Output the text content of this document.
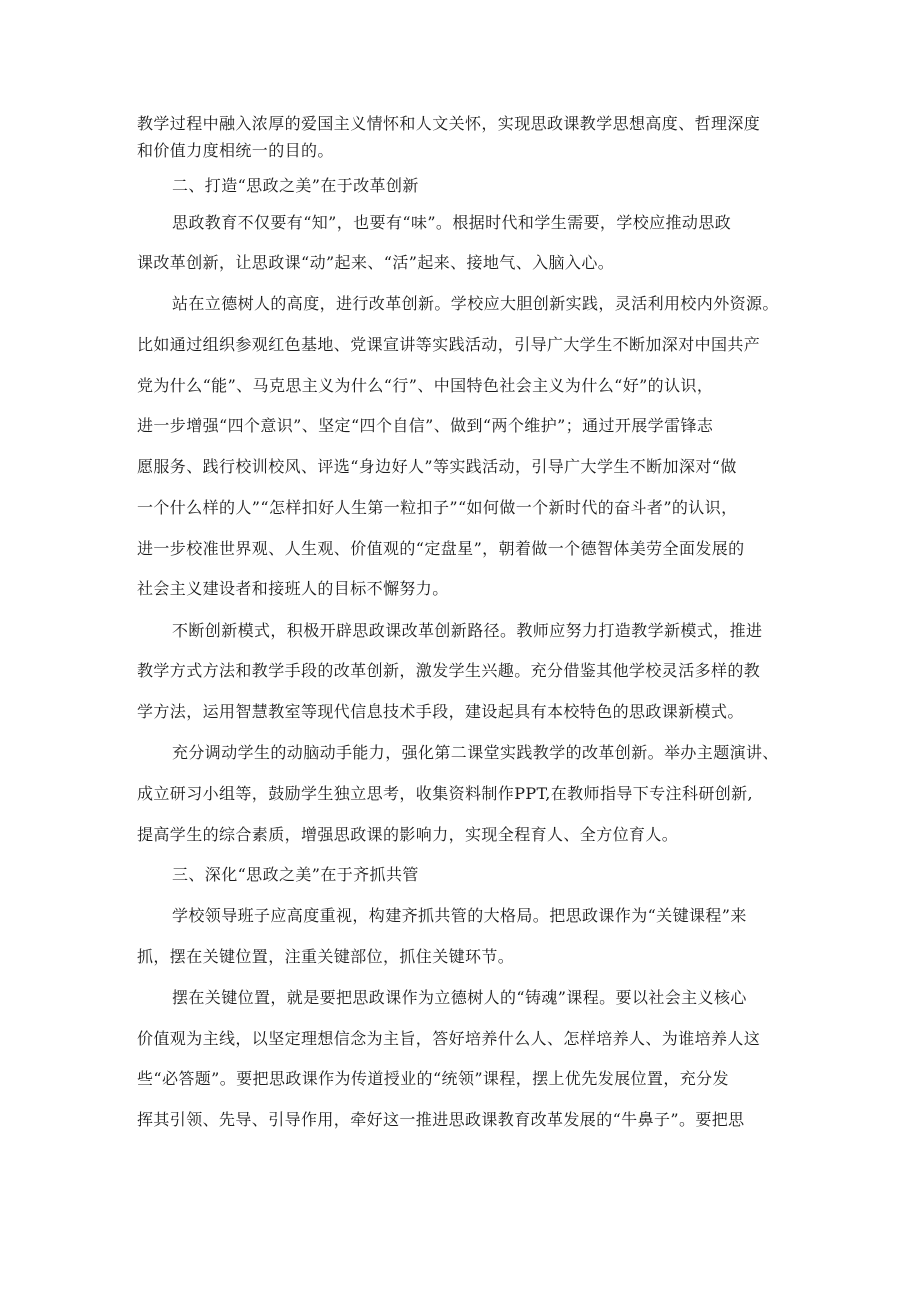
教学过程中融入浓厚的爱国主义情怀和人文关怀，实现思政课教学思想高度、哲理深度
和价值力度相统一的目的。
二、打造“思政之美”在于改革创新
思政教育不仅要有“知”，也要有“味”。根据时代和学生需要，学校应推动思政
课改革创新，让思政课“动”起来、“活”起来、接地气、入脑入心。
站在立德树人的高度，进行改革创新。学校应大胆创新实践，灵活利用校内外资源。
比如通过组织参观红色基地、党课宣讲等实践活动，引导广大学生不断加深对中国共产
党为什么“能”、马克思主义为什么“行”、中国特色社会主义为什么“好”的认识，
进一步增强“四个意识”、坚定“四个自信”、做到“两个维护”；通过开展学雷锋志
愿服务、践行校训校风、评选“身边好人”等实践活动，引导广大学生不断加深对“做
一个什么样的人”“怎样扣好人生第一粒扣子”“如何做一个新时代的奋斗者”的认识，
进一步校准世界观、人生观、价值观的“定盘星”，朝着做一个德智体美劳全面发展的
社会主义建设者和接班人的目标不懈努力。
不断创新模式，积极开辟思政课改革创新路径。教师应努力打造教学新模式，推进
教学方式方法和教学手段的改革创新，激发学生兴趣。充分借鉴其他学校灵活多样的教
学方法，运用智慧教室等现代信息技术手段，建设起具有本校特色的思政课新模式。
充分调动学生的动脑动手能力，强化第二课堂实践教学的改革创新。举办主题演讲、
成立研习小组等，鼓励学生独立思考，收集资料制作PPT,在教师指导下专注科研创新,
提高学生的综合素质，增强思政课的影响力，实现全程育人、全方位育人。
三、深化“思政之美”在于齐抓共管
学校领导班子应高度重视，构建齐抓共管的大格局。把思政课作为“关键课程”来
抓，摆在关键位置，注重关键部位，抓住关键环节。
摆在关键位置，就是要把思政课作为立德树人的“铸魂”课程。要以社会主义核心
价值观为主线，以坚定理想信念为主旨，答好培养什么人、怎样培养人、为谁培养人这
些“必答题”。要把思政课作为传道授业的“统领”课程，摆上优先发展位置，充分发
挥其引领、先导、引导作用，牵好这一推进思政课教育改革发展的“牛鼻子”。要把思
